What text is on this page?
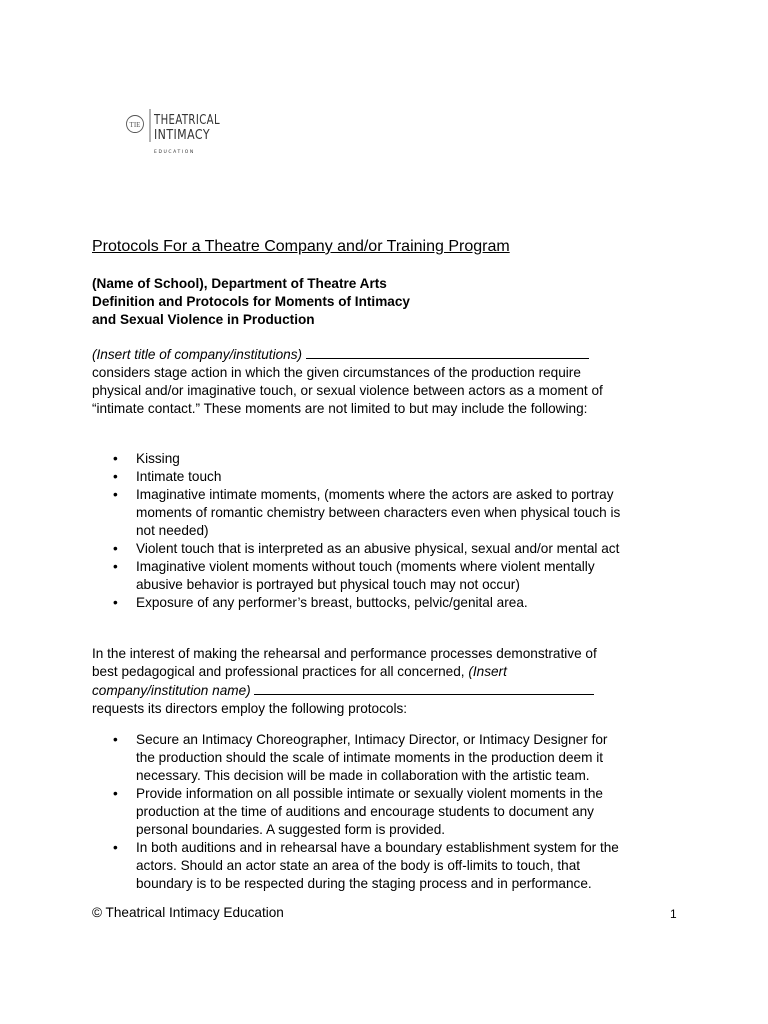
TIE THEATRICAL
INTIMACY
EDUCATION
Protocols For a Theatre Company and/or Training Program
(Name of School), Department of Theatre Arts
Definition and Protocols for Moments of Intimacy
and Sexual Violence in Production
(Insert title of company/institutions)
considers stage action in which the given circumstances of the production require
physical and/or imaginative touch, or sexual violence between actors as a moment of
“intimate contact.” These moments are not limited to but may include the following:
• Kissing
• Intimate touch
• Imaginative intimate moments, (moments where the actors are asked to portray
moments of romantic chemistry between characters even when physical touch is
not needed)
• Violent touch that is interpreted as an abusive physical, sexual and/or mental act
• Imaginative violent moments without touch (moments where violent mentally
abusive behavior is portrayed but physical touch may not occur)
• Exposure of any performer’s breast, buttocks, pelvic/genital area.
In the interest of making the rehearsal and performance processes demonstrative of
best pedagogical and professional practices for all concerned, (Insert
company/institution name)
requests its directors employ the following protocols:
• Secure an Intimacy Choreographer, Intimacy Director, or Intimacy Designer for
the production should the scale of intimate moments in the production deem it
necessary. This decision will be made in collaboration with the artistic team.
• Provide information on all possible intimate or sexually violent moments in the
production at the time of auditions and encourage students to document any
personal boundaries. A suggested form is provided.
• In both auditions and in rehearsal have a boundary establishment system for the
actors. Should an actor state an area of the body is off-limits to touch, that
boundary is to be respected during the staging process and in performance.
© Theatrical Intimacy Education	1
